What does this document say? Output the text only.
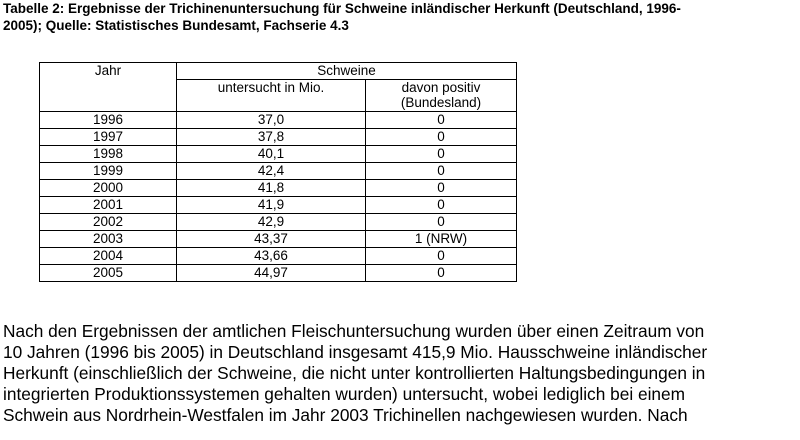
Tabelle 2: Ergebnisse der Trichinenuntersuchung für Schweine inländischer Herkunft (Deutschland, 1996-
2005); Quelle: Statistisches Bundesamt, Fachserie 4.3
Jahr	Schweine	
	untersucht in Mio.	davon positiv
(Bundesland)
1996	37,0	0
1997	37,8	0
1998	40,1	0
1999	42,4	0
2000	41,8	0
2001	41,9	0
2002	42,9	0
2003	43,37	1 (NRW)
2004	43,66	0
2005	44,97	0
Nach den Ergebnissen der amtlichen Fleischuntersuchung wurden über einen Zeitraum von
10 Jahren (1996 bis 2005) in Deutschland insgesamt 415,9 Mio. Hausschweine inländischer
Herkunft (einschließlich der Schweine, die nicht unter kontrollierten Haltungsbedingungen in
integrierten Produktionssystemen gehalten wurden) untersucht, wobei lediglich bei einem
Schwein aus Nordrhein-Westfalen im Jahr 2003 Trichinellen nachgewiesen wurden. Nach
